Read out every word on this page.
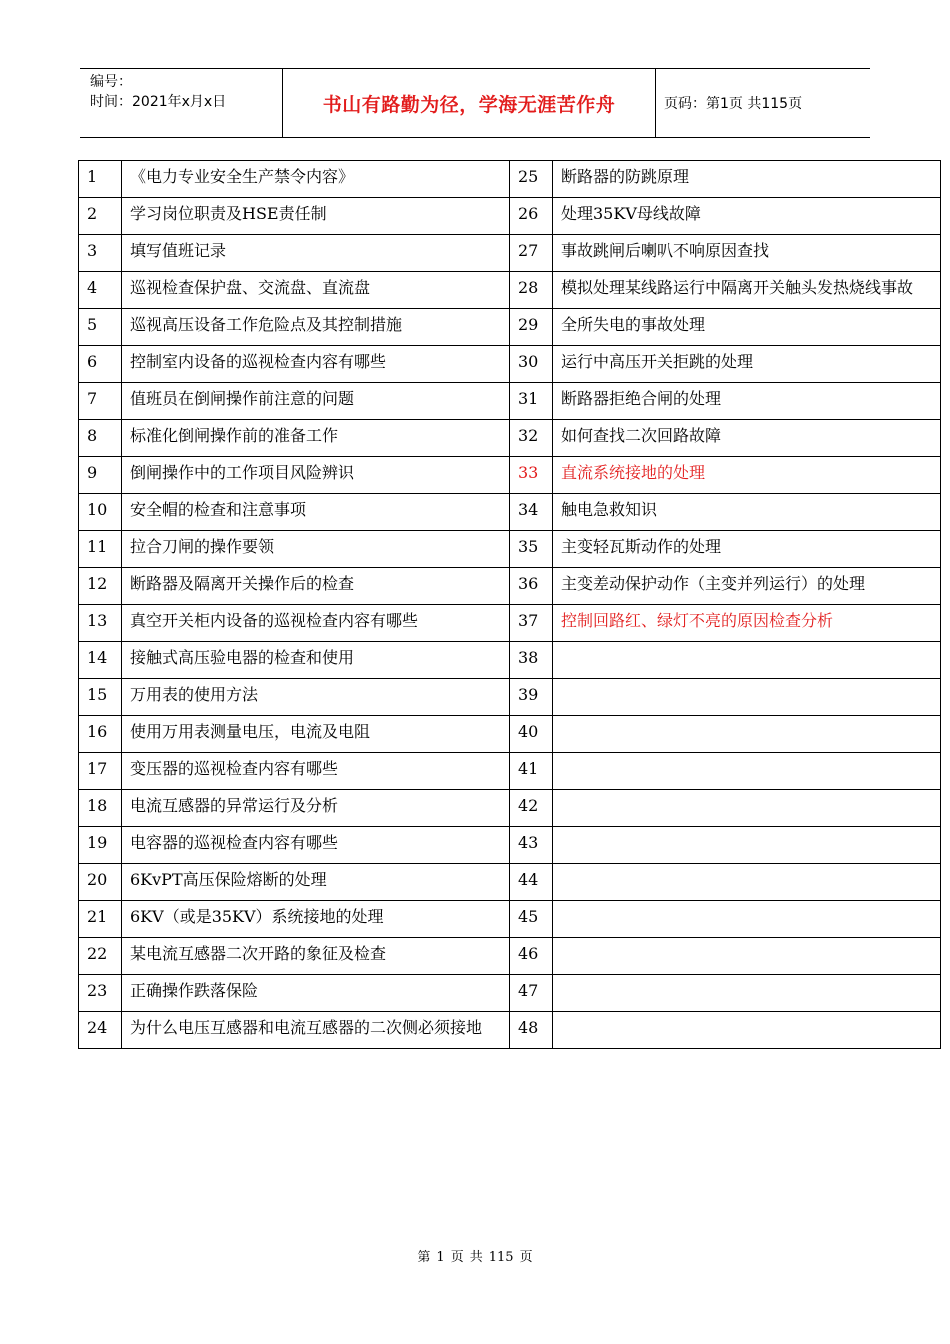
编号：
时间：2021年x月x日	书山有路勤为径，学海无涯苦作舟	页码：第1页 共115页
1	《电力专业安全生产禁令内容》	25	断路器的防跳原理
2	学习岗位职责及HSE责任制	26	处理35KV母线故障
3	填写值班记录	27	事故跳闸后喇叭不响原因查找
4	巡视检查保护盘、交流盘、直流盘	28	模拟处理某线路运行中隔离开关触头发热烧线事故
5	巡视高压设备工作危险点及其控制措施	29	全所失电的事故处理
6	控制室内设备的巡视检查内容有哪些	30	运行中高压开关拒跳的处理
7	值班员在倒闸操作前注意的问题	31	断路器拒绝合闸的处理
8	标准化倒闸操作前的准备工作	32	如何查找二次回路故障
9	倒闸操作中的工作项目风险辨识	33	直流系统接地的处理
10	安全帽的检查和注意事项	34	触电急救知识
11	拉合刀闸的操作要领	35	主变轻瓦斯动作的处理
12	断路器及隔离开关操作后的检查	36	主变差动保护动作（主变并列运行）的处理
13	真空开关柜内设备的巡视检查内容有哪些	37	控制回路红、绿灯不亮的原因检查分析
14	接触式高压验电器的检查和使用	38	
15	万用表的使用方法	39	
16	使用万用表测量电压，电流及电阻	40	
17	变压器的巡视检查内容有哪些	41	
18	电流互感器的异常运行及分析	42	
19	电容器的巡视检查内容有哪些	43	
20	6KvPT高压保险熔断的处理	44	
21	6KV（或是35KV）系统接地的处理	45	
22	某电流互感器二次开路的象征及检查	46	
23	正确操作跌落保险	47	
24	为什么电压互感器和电流互感器的二次侧必须接地	48	
第 1 页 共 115 页
